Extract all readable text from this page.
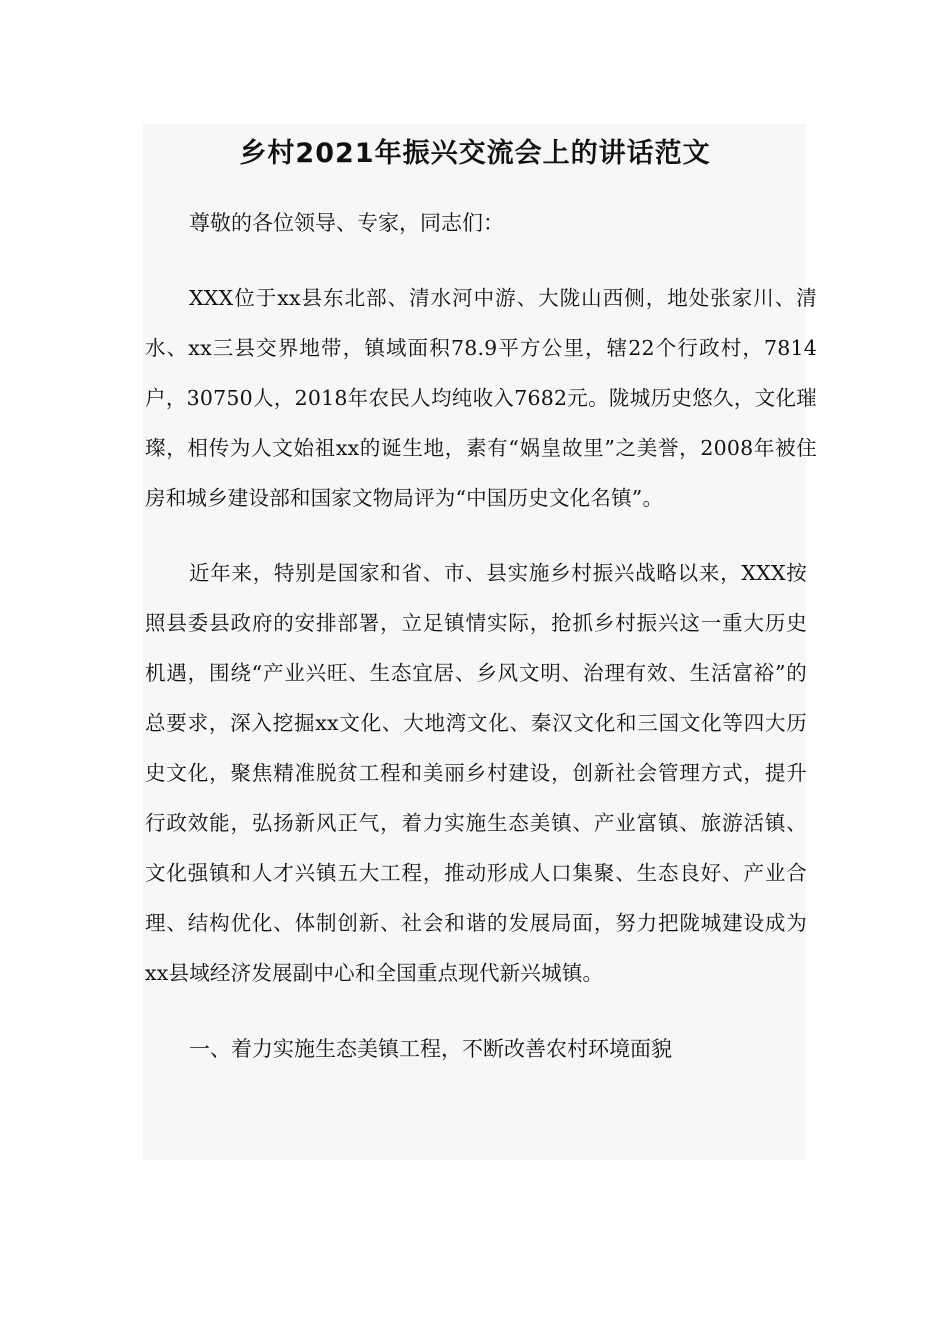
乡村2021年振兴交流会上的讲话范文

尊敬的各位领导、专家，同志们：

XXX位于xx县东北部、清水河中游、大陇山西侧，地处张家川、清水、xx三县交界地带，镇域面积78.9平方公里，辖22个行政村，7814户，30750人，2018年农民人均纯收入7682元。陇城历史悠久，文化璀璨，相传为人文始祖xx的诞生地，素有“娲皇故里”之美誉，2008年被住房和城乡建设部和国家文物局评为“中国历史文化名镇”。

近年来，特别是国家和省、市、县实施乡村振兴战略以来，XXX按照县委县政府的安排部署，立足镇情实际，抢抓乡村振兴这一重大历史机遇，围绕“产业兴旺、生态宜居、乡风文明、治理有效、生活富裕”的总要求，深入挖掘xx文化、大地湾文化、秦汉文化和三国文化等四大历史文化，聚焦精准脱贫工程和美丽乡村建设，创新社会管理方式，提升行政效能，弘扬新风正气，着力实施生态美镇、产业富镇、旅游活镇、文化强镇和人才兴镇五大工程，推动形成人口集聚、生态良好、产业合理、结构优化、体制创新、社会和谐的发展局面，努力把陇城建设成为xx县域经济发展副中心和全国重点现代新兴城镇。

一、着力实施生态美镇工程，不断改善农村环境面貌
